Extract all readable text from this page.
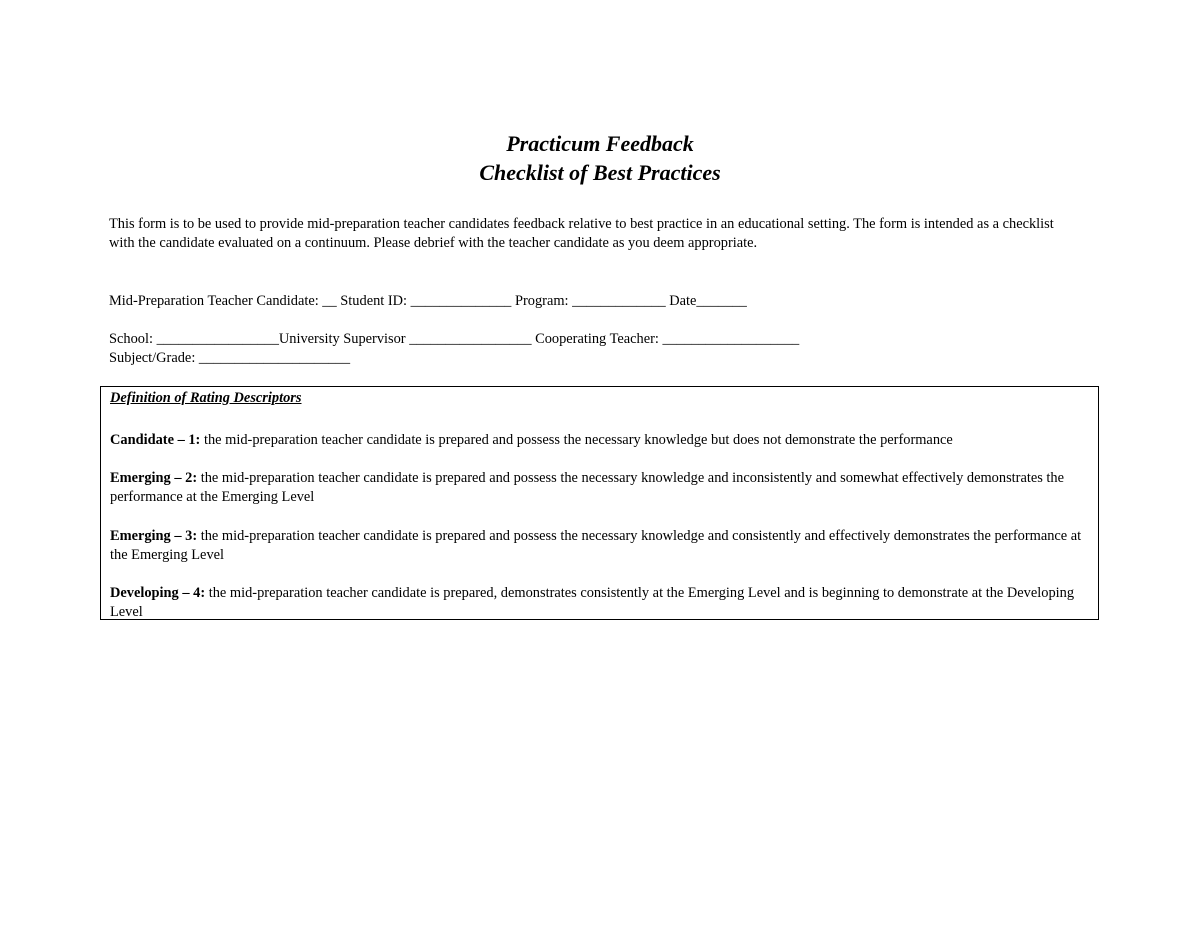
Practicum Feedback
Checklist of Best Practices
This form is to be used to provide mid-preparation teacher candidates feedback relative to best practice in an educational setting. The form is intended as a checklist with the candidate evaluated on a continuum. Please debrief with the teacher candidate as you deem appropriate.
Mid-Preparation Teacher Candidate: __ Student ID: ______________ Program: _____________ Date_______
School: _________________University Supervisor _________________ Cooperating Teacher: ___________________
Subject/Grade: _____________________
Definition of Rating Descriptors
Candidate – 1: the mid-preparation teacher candidate is prepared and possess the necessary knowledge but does not demonstrate the performance
Emerging – 2: the mid-preparation teacher candidate is prepared and possess the necessary knowledge and inconsistently and somewhat effectively demonstrates the performance at the Emerging Level
Emerging – 3: the mid-preparation teacher candidate is prepared and possess the necessary knowledge and consistently and effectively demonstrates the performance at the Emerging Level
Developing – 4: the mid-preparation teacher candidate is prepared, demonstrates consistently at the Emerging Level and is beginning to demonstrate at the Developing Level
